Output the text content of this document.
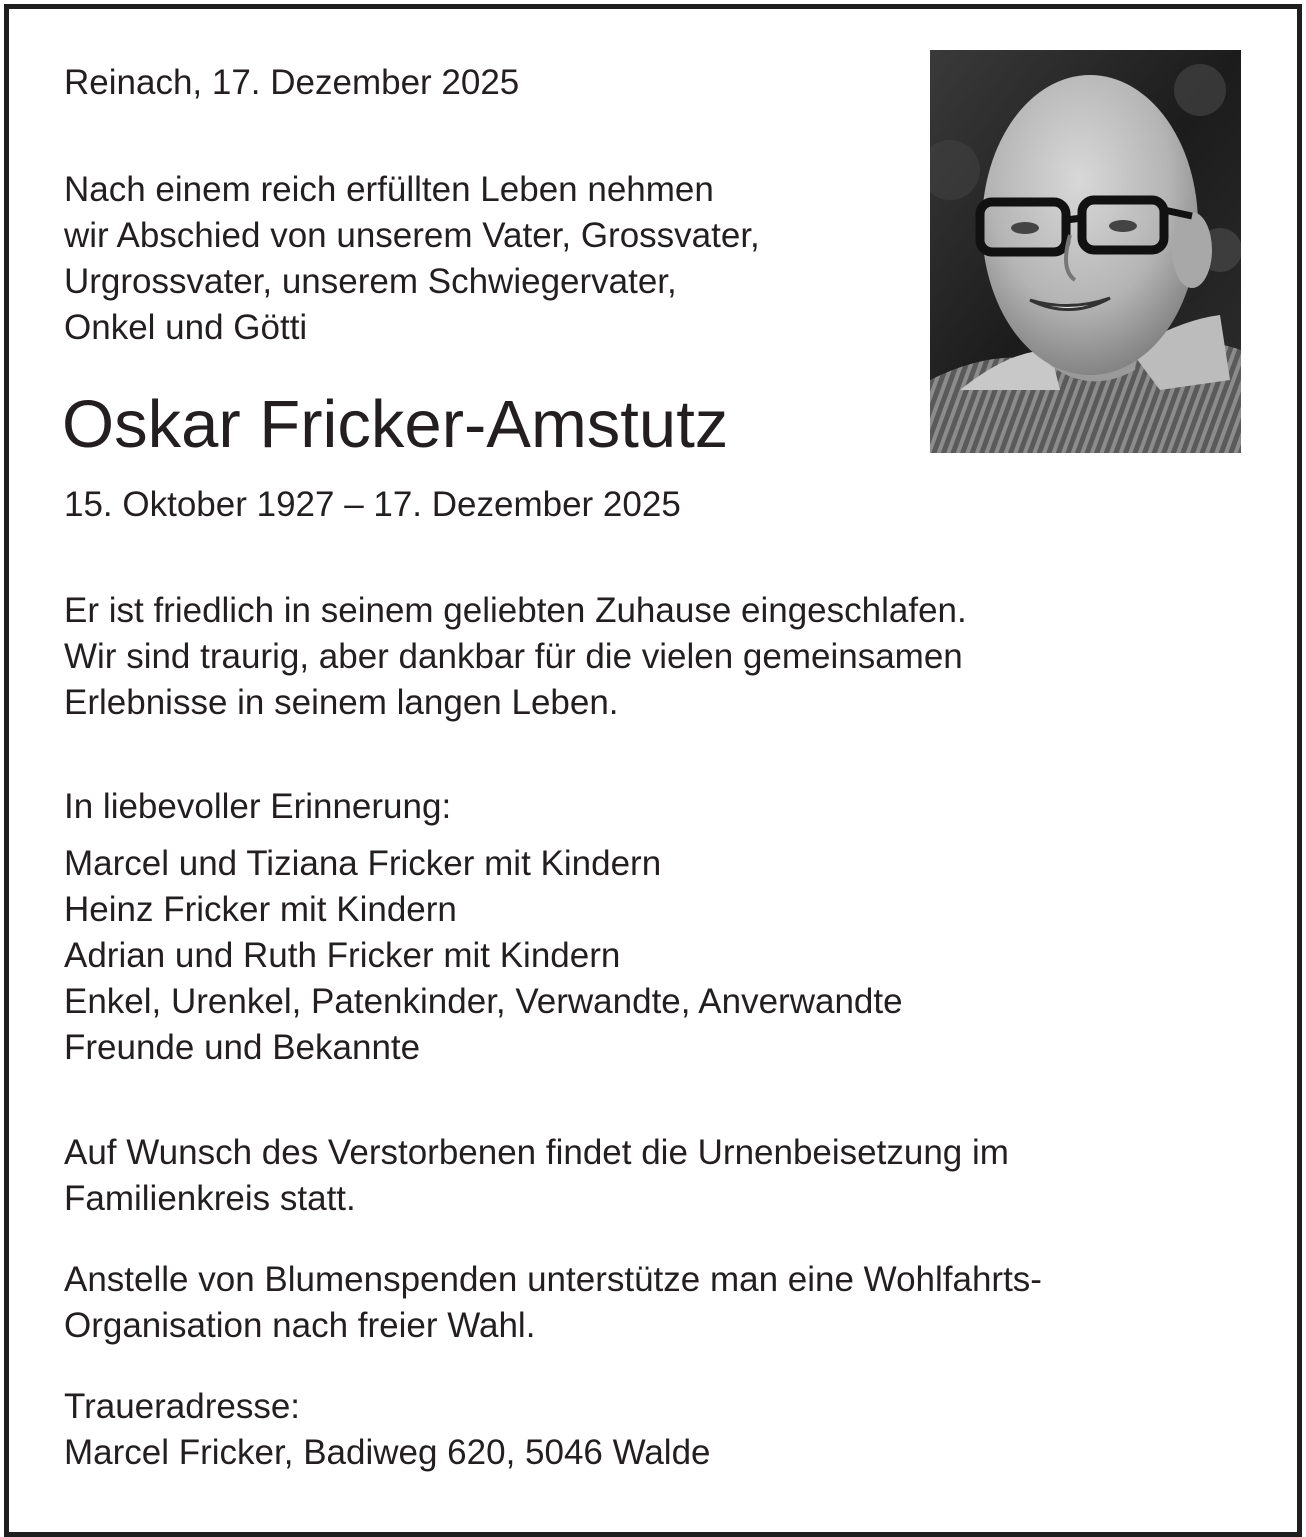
Reinach, 17. Dezember 2025

Nach einem reich erfüllten Leben nehmen
wir Abschied von unserem Vater, Grossvater,
Urgrossvater, unserem Schwiegervater,
Onkel und Götti

Oskar Fricker-Amstutz

15. Oktober 1927 – 17. Dezember 2025

Er ist friedlich in seinem geliebten Zuhause eingeschlafen.
Wir sind traurig, aber dankbar für die vielen gemeinsamen
Erlebnisse in seinem langen Leben.

In liebevoller Erinnerung:

Marcel und Tiziana Fricker mit Kindern
Heinz Fricker mit Kindern
Adrian und Ruth Fricker mit Kindern
Enkel, Urenkel, Patenkinder, Verwandte, Anverwandte
Freunde und Bekannte
Auf Wunsch des Verstorbenen findet die Urnenbeisetzung im
Familienkreis statt.
Anstelle von Blumenspenden unterstütze man eine Wohlfahrts-
Organisation nach freier Wahl.
Traueradresse:
Marcel Fricker, Badiweg 620, 5046 Walde
